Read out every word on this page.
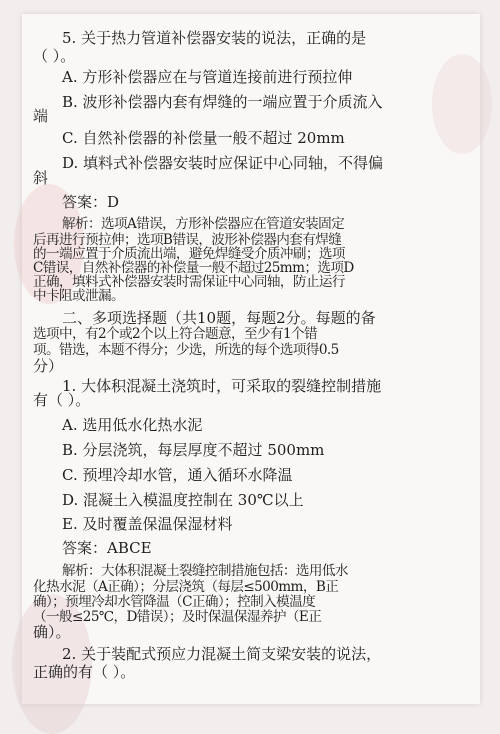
5. 关于热力管道补偿器安装的说法，正确的是
（ ）。
A. 方形补偿器应在与管道连接前进行预拉伸
B. 波形补偿器内套有焊缝的一端应置于介质流入
端
C. 自然补偿器的补偿量一般不超过 20mm
D. 填料式补偿器安装时应保证中心同轴，不得偏
斜
答案：D
解析：选项A错误，方形补偿器应在管道安装固定
后再进行预拉伸；选项B错误，波形补偿器内套有焊缝
的一端应置于介质流出端，避免焊缝受介质冲刷；选项
C错误，自然补偿器的补偿量一般不超过25mm；选项D
正确，填料式补偿器安装时需保证中心同轴，防止运行
中卡阻或泄漏。
二、多项选择题（共10题，每题2分。每题的备
选项中，有2个或2个以上符合题意，至少有1个错
项。错选，本题不得分；少选，所选的每个选项得0.5
分）
1. 大体积混凝土浇筑时，可采取的裂缝控制措施
有（ ）。
A. 选用低水化热水泥
B. 分层浇筑，每层厚度不超过 500mm
C. 预埋冷却水管，通入循环水降温
D. 混凝土入模温度控制在 30℃以上
E. 及时覆盖保温保湿材料
答案：ABCE
解析：大体积混凝土裂缝控制措施包括：选用低水
化热水泥（A正确）；分层浇筑（每层≤500mm，B正
确）；预埋冷却水管降温（C正确）；控制入模温度
（一般≤25℃，D错误）；及时保温保湿养护（E正
确）。
2. 关于装配式预应力混凝土简支梁安装的说法，
正确的有（ ）。
